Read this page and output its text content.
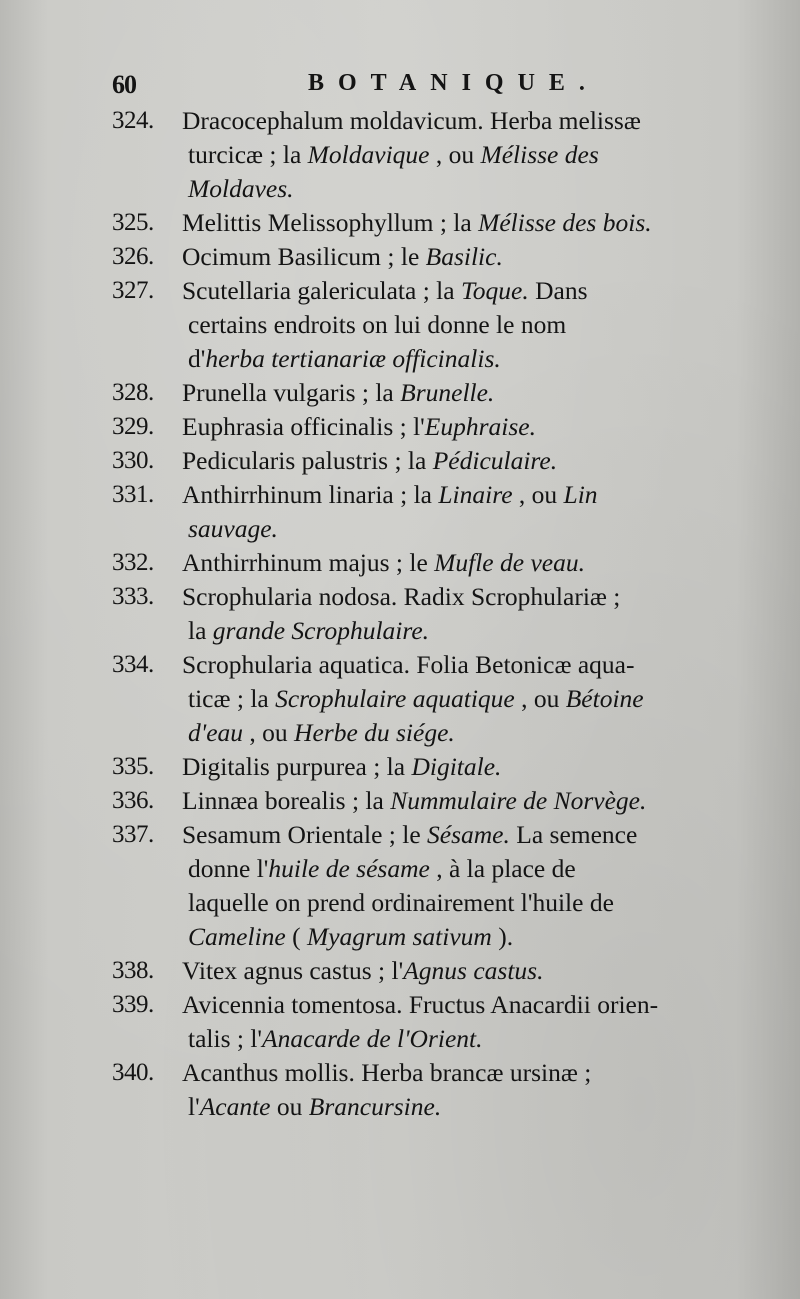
60	BOTANIQUE.
324.	Dracocephalum moldavicum. Herba melissæ
turcicæ ; la Moldavique , ou Mélisse des
Moldaves.
325.	Melittis Melissophyllum ; la Mélisse des bois.
326.	Ocimum Basilicum ; le Basilic.
327.	Scutellaria galericulata ; la Toque. Dans
certains endroits on lui donne le nom
d'herba tertianariæ officinalis.
328.	Prunella vulgaris ; la Brunelle.
329.	Euphrasia officinalis ; l'Euphraise.
330.	Pedicularis palustris ; la Pédiculaire.
331.	Anthirrhinum linaria ; la Linaire , ou Lin
sauvage.
332.	Anthirrhinum majus ; le Mufle de veau.
333.	Scrophularia nodosa. Radix Scrophulariæ ;
la grande Scrophulaire.
334.	Scrophularia aquatica. Folia Betonicæ aqua-
ticæ ; la Scrophulaire aquatique , ou Bétoine
d'eau , ou Herbe du siége.
335.	Digitalis purpurea ; la Digitale.
336.	Linnæa borealis ; la Nummulaire de Norvège.
337.	Sesamum Orientale ; le Sésame. La semence
donne l'huile de sésame , à la place de
laquelle on prend ordinairement l'huile de
Cameline ( Myagrum sativum ).
338.	Vitex agnus castus ; l'Agnus castus.
339.	Avicennia tomentosa. Fructus Anacardii orien-
talis ; l'Anacarde de l'Orient.
340.	Acanthus mollis. Herba brancæ ursinæ ;
l'Acante ou Brancursine.
